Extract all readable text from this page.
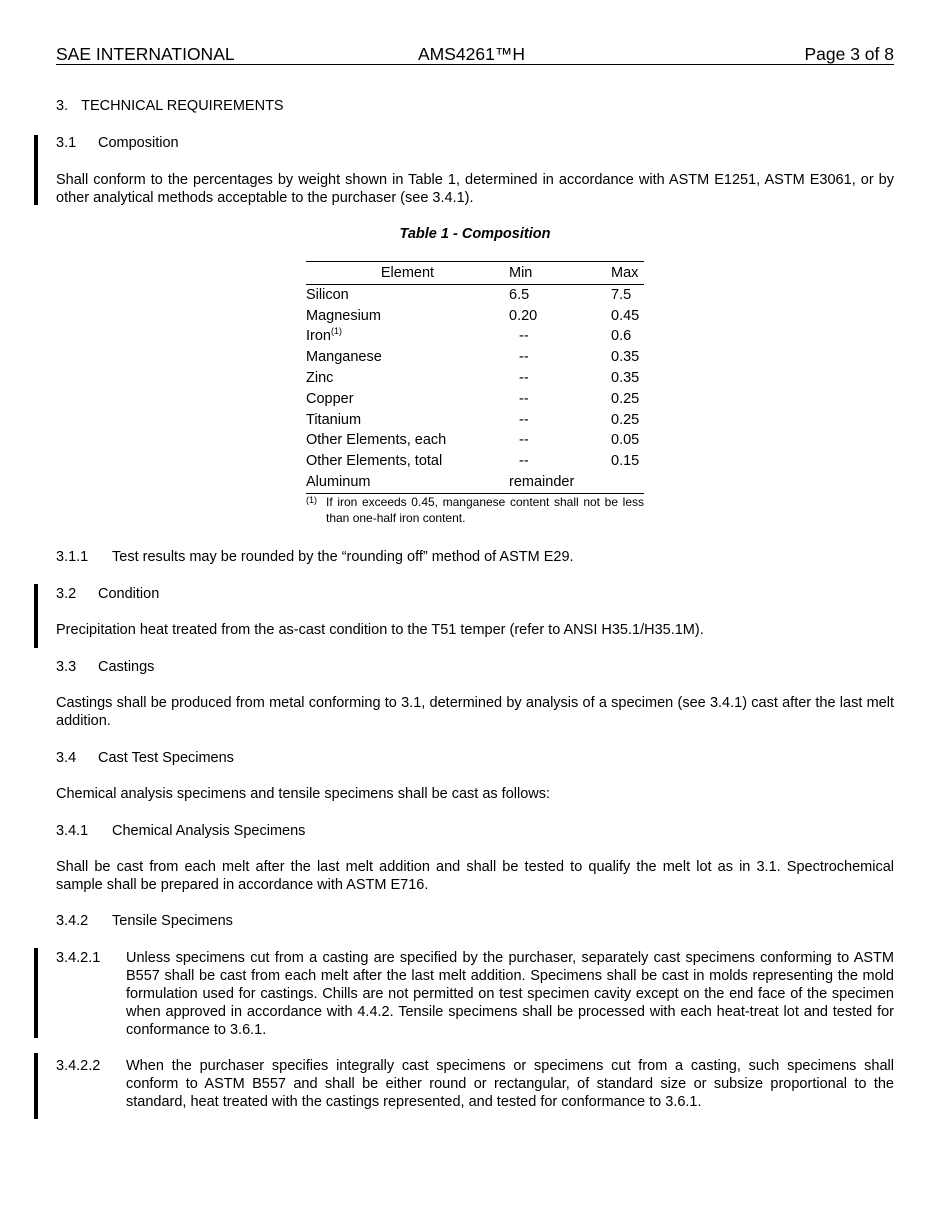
SAE INTERNATIONAL	AMS4261™H	Page 3 of 8
3. TECHNICAL REQUIREMENTS
3.1 Composition
Shall conform to the percentages by weight shown in Table 1, determined in accordance with ASTM E1251, ASTM E3061, or by other analytical methods acceptable to the purchaser (see 3.4.1).
Table 1 - Composition
Element	Min	Max
Silicon	6.5	7.5
Magnesium	0.20	0.45
Iron$^{(1)}$	--	0.6
Manganese	--	0.35
Zinc	--	0.35
Copper	--	0.25
Titanium	--	0.25
Other Elements, each	--	0.05
Other Elements, total	--	0.15
Aluminum	remainder	
(1) If iron exceeds 0.45, manganese content shall not be less than one-half iron content.
3.1.1 Test results may be rounded by the “rounding off” method of ASTM E29.
3.2 Condition
Precipitation heat treated from the as-cast condition to the T51 temper (refer to ANSI H35.1/H35.1M).
3.3 Castings
Castings shall be produced from metal conforming to 3.1, determined by analysis of a specimen (see 3.4.1) cast after the last melt addition.
3.4 Cast Test Specimens
Chemical analysis specimens and tensile specimens shall be cast as follows:
3.4.1 Chemical Analysis Specimens
Shall be cast from each melt after the last melt addition and shall be tested to qualify the melt lot as in 3.1. Spectrochemical sample shall be prepared in accordance with ASTM E716.
3.4.2 Tensile Specimens
3.4.2.1 Unless specimens cut from a casting are specified by the purchaser, separately cast specimens conforming to ASTM B557 shall be cast from each melt after the last melt addition. Specimens shall be cast in molds representing the mold formulation used for castings. Chills are not permitted on test specimen cavity except on the end face of the specimen when approved in accordance with 4.4.2. Tensile specimens shall be processed with each heat-treat lot and tested for conformance to 3.6.1.
3.4.2.2 When the purchaser specifies integrally cast specimens or specimens cut from a casting, such specimens shall conform to ASTM B557 and shall be either round or rectangular, of standard size or subsize proportional to the standard, heat treated with the castings represented, and tested for conformance to 3.6.1.
